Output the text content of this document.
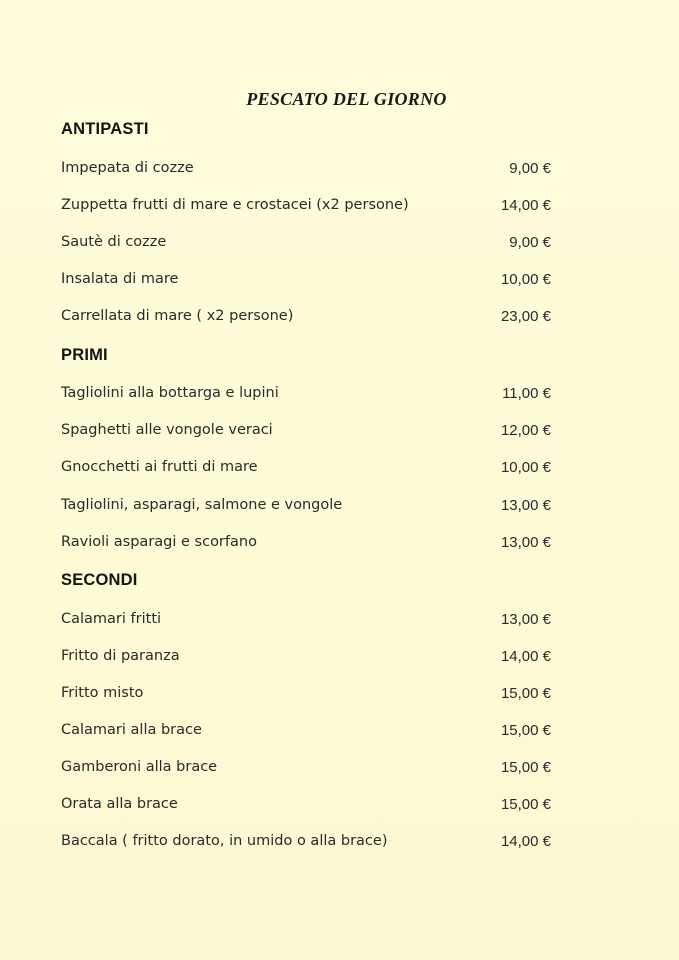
PESCATO DEL GIORNO
ANTIPASTI
Impepata di cozze	9,00 €
Zuppetta frutti di mare e crostacei (x2 persone)	14,00 €
Sautè di cozze	9,00 €
Insalata di mare	10,00 €
Carrellata di mare ( x2 persone)	23,00 €
PRIMI
Tagliolini alla bottarga e lupini	11,00 €
Spaghetti alle vongole veraci	12,00 €
Gnocchetti ai frutti di mare	10,00 €
Tagliolini, asparagi, salmone e vongole	13,00 €
Ravioli asparagi e scorfano	13,00 €
SECONDI
Calamari fritti	13,00 €
Fritto di paranza	14,00 €
Fritto misto	15,00 €
Calamari alla brace	15,00 €
Gamberoni alla brace	15,00 €
Orata alla brace	15,00 €
Baccala ( fritto dorato, in umido o alla brace)	14,00 €
